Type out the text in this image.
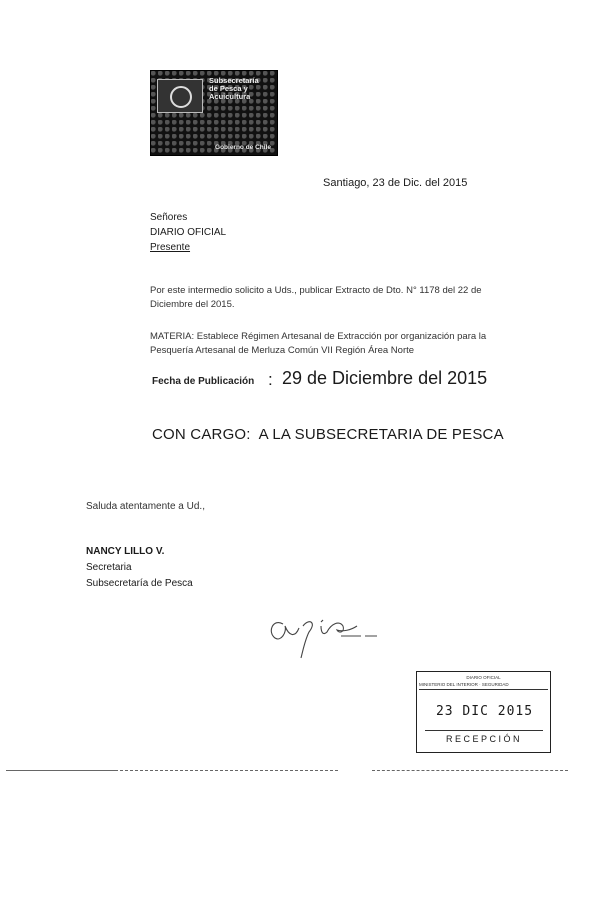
Subsecretaría
de Pesca y
Acuicultura
Gobierno de Chile
Santiago, 23 de Dic. del 2015
Señores
DIARIO OFICIAL
Presente
Por este intermedio solicito a Uds., publicar Extracto de Dto. N° 1178 del 22 de Diciembre del 2015.
MATERIA: Establece Régimen Artesanal de Extracción por organización para la Pesquería Artesanal de Merluza Común VII Región Área Norte
Fecha de Publicación : 29 de Diciembre del 2015
CON CARGO:  A LA SUBSECRETARIA DE PESCA
Saluda atentamente a Ud.,
NANCY LILLO V.
Secretaria
Subsecretaría de Pesca
DIARIO OFICIAL
MINISTERIO DEL INTERIOR · SEGURIDAD
23 DIC 2015
RECEPCIÓN
